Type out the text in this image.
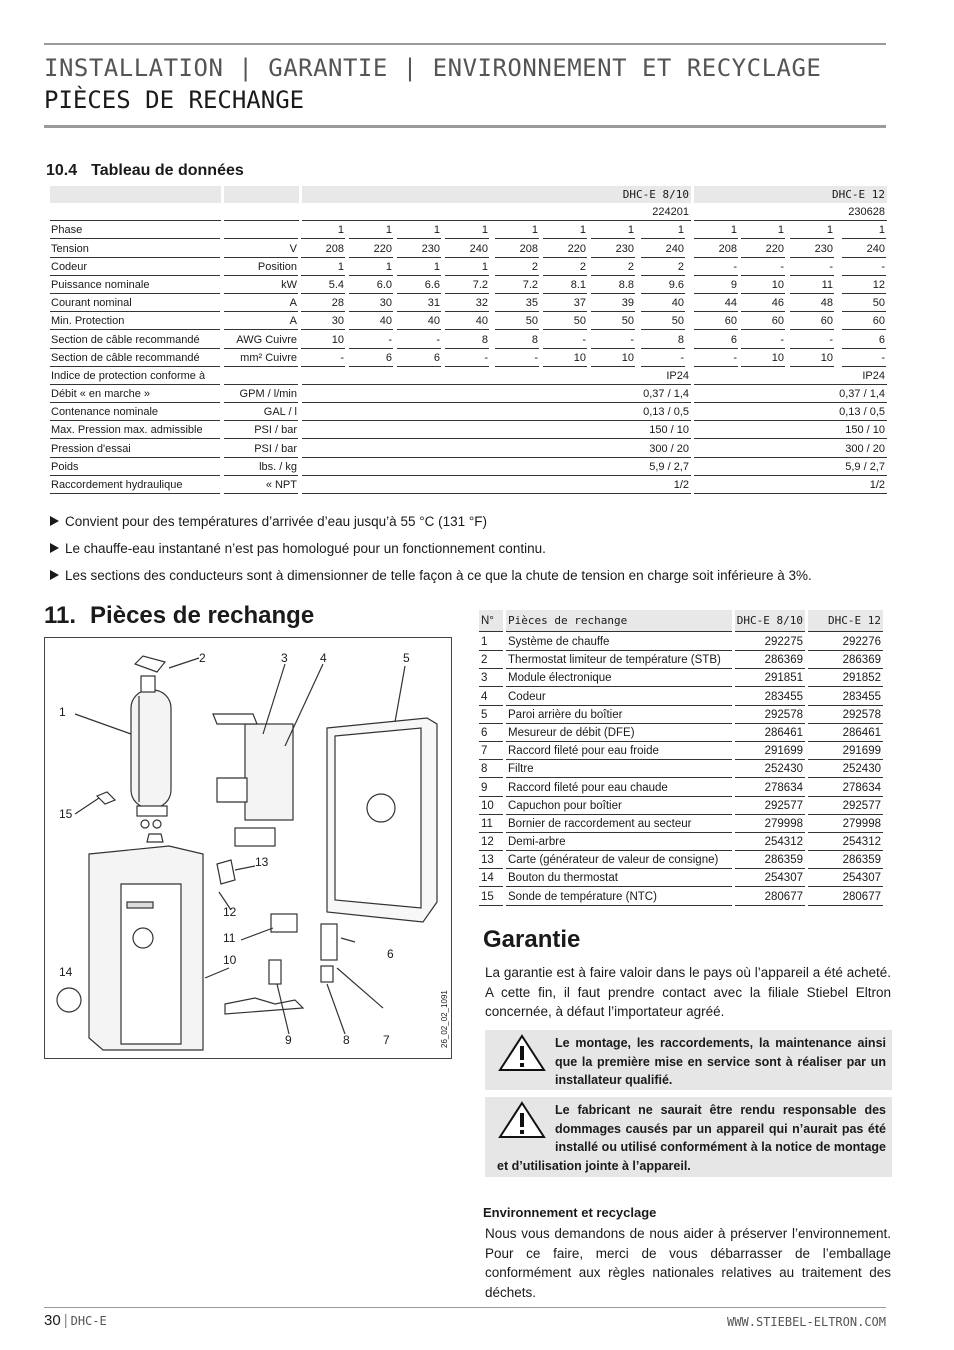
INSTALLATION | GARANTIE | ENVIRONNEMENT ET RECYCLAGE
PIÈCES DE RECHANGE
10.4 Tableau de données
DHC-E 8/10	DHC-E 12
224201	230628
Phase	1	1	1	1	1	1	1	1	1	1	1	1
Tension	V	208	220	230	240	208	220	230	240	208	220	230	240
Codeur	Position	1	1	1	1	2	2	2	2	-	-	-	-
Puissance nominale	kW	5.4	6.0	6.6	7.2	7.2	8.1	8.8	9.6	9	10	11	12
Courant nominal	A	28	30	31	32	35	37	39	40	44	46	48	50
Min. Protection	A	30	40	40	40	50	50	50	50	60	60	60	60
Section de câble recommandé	AWG Cuivre	10	-	-	8	8	-	-	8	6	-	-	6
Section de câble recommandé	mm² Cuivre	-	6	6	-	-	10	10	-	-	10	10	-
Indice de protection conforme à	IP24	IP24
Débit « en marche »	GPM / l/min	0,37 / 1,4	0,37 / 1,4
Contenance nominale	GAL / l	0,13 / 0,5	0,13 / 0,5
Max. Pression max. admissible	PSI / bar	150 / 10	150 / 10
Pression d'essai	PSI / bar	300 / 20	300 / 20
Poids	lbs. / kg	5,9 / 2,7	5,9 / 2,7
Raccordement hydraulique	« NPT	1/2	1/2
Convient pour des températures d’arrivée d’eau jusqu’à 55 °C (131 °F)
Le chauffe-eau instantané n’est pas homologué pour un fonctionnement continu.
Les sections des conducteurs sont à dimensionner de telle façon à ce que la chute de tension en charge soit inférieure à 3%.
11. Pièces de rechange
1
2	3	4	5
6
7
8
9
10
11
12
13
14
15
26_02_02_1091
N°	Pièces de rechange	DHC-E 8/10	DHC-E 12
1	Système de chauffe	292275	292276
2	Thermostat limiteur de température (STB)	286369	286369
3	Module électronique	291851	291852
4	Codeur	283455	283455
5	Paroi arrière du boîtier	292578	292578
6	Mesureur de débit (DFE)	286461	286461
7	Raccord fileté pour eau froide	291699	291699
8	Filtre	252430	252430
9	Raccord fileté pour eau chaude	278634	278634
10	Capuchon pour boîtier	292577	292577
11	Bornier de raccordement au secteur	279998	279998
12	Demi-arbre	254312	254312
13	Carte (générateur de valeur de consigne)	286359	286359
14	Bouton du thermostat	254307	254307
15	Sonde de température (NTC)	280677	280677
Garantie
La garantie est à faire valoir dans le pays où l’appareil a été acheté. A cette fin, il faut prendre contact avec la filiale Stiebel Eltron concernée, à défaut l’importateur agréé.
Le montage, les raccordements, la maintenance ainsi que la première mise en service sont à réaliser par un installateur qualifié.
Le fabricant ne saurait être rendu responsable des dommages causés par un appareil qui n’aurait pas été installé ou utilisé conformément à la notice de montage et d’utilisation jointe à l’appareil.
Environnement et recyclage
Nous vous demandons de nous aider à préserver l’environnement. Pour ce faire, merci de vous débarrasser de l’emballage conformément aux règles nationales relatives au traitement des déchets.
30 | DHC-E	WWW.STIEBEL-ELTRON.COM
